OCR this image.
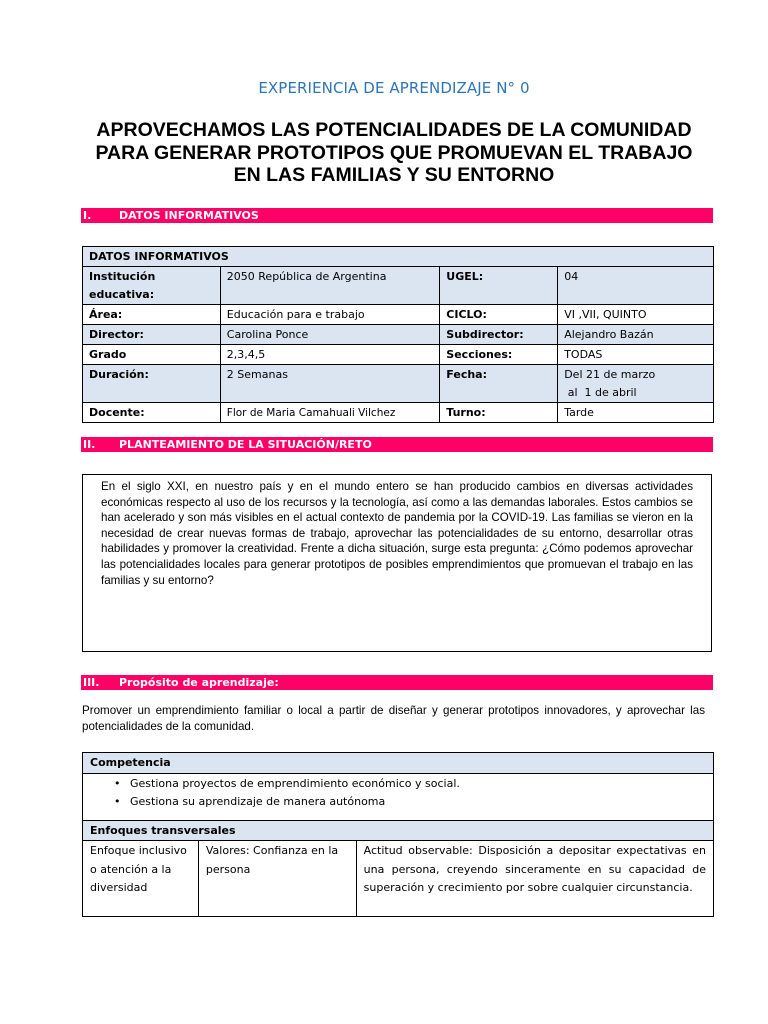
EXPERIENCIA DE APRENDIZAJE N° 0
APROVECHAMOS LAS POTENCIALIDADES DE LA COMUNIDAD
PARA GENERAR PROTOTIPOS QUE PROMUEVAN EL TRABAJO
EN LAS FAMILIAS Y SU ENTORNO
I.	DATOS INFORMATIVOS
DATOS INFORMATIVOS			
Institución educativa:	2050 República de Argentina	UGEL:	04
Área:	Educación para e trabajo	CICLO:	VI ,VII, QUINTO
Director:	Carolina Ponce	Subdirector:	Alejandro Bazán
Grado	2,3,4,5	Secciones:	TODAS
Duración:	2 Semanas	Fecha:	Del 21 de marzo
al  1 de abril

Docente:	Flor de Maria Camahuali Vilchez	Turno:	Tarde
II. PLANTEAMIENTO DE LA SITUACIÓN/RETO

En el siglo XXI, en nuestro país y en el mundo entero se han producido cambios en diversas actividades económicas respecto al uso de los recursos y la tecnología, así como a las demandas laborales. Estos cambios se han acelerado y son más visibles en el actual contexto de pandemia por la COVID-19. Las familias se vieron en la necesidad de crear nuevas formas de trabajo, aprovechar las potencialidades de su entorno, desarrollar otras habilidades y promover la creatividad. Frente a dicha situación, surge esta pregunta: ¿Cómo podemos aprovechar las potencialidades locales para generar prototipos de posibles emprendimientos que promuevan el trabajo en las familias y su entorno?

III. Propósito de aprendizaje:

Promover un emprendimiento familiar o local a partir de diseñar y generar prototipos innovadores, y aprovechar las potencialidades de la comunidad.

Competencia

• Gestiona proyectos de emprendimiento económico y social.
• Gestiona su aprendizaje de manera autónoma

Enfoques transversales
Enfoque inclusivo o atención a la diversidad	Valores: Confianza en la persona	Actitud observable: Disposición a depositar expectativas en una persona, creyendo sinceramente en su capacidad de superación y crecimiento por sobre cualquier circunstancia.
